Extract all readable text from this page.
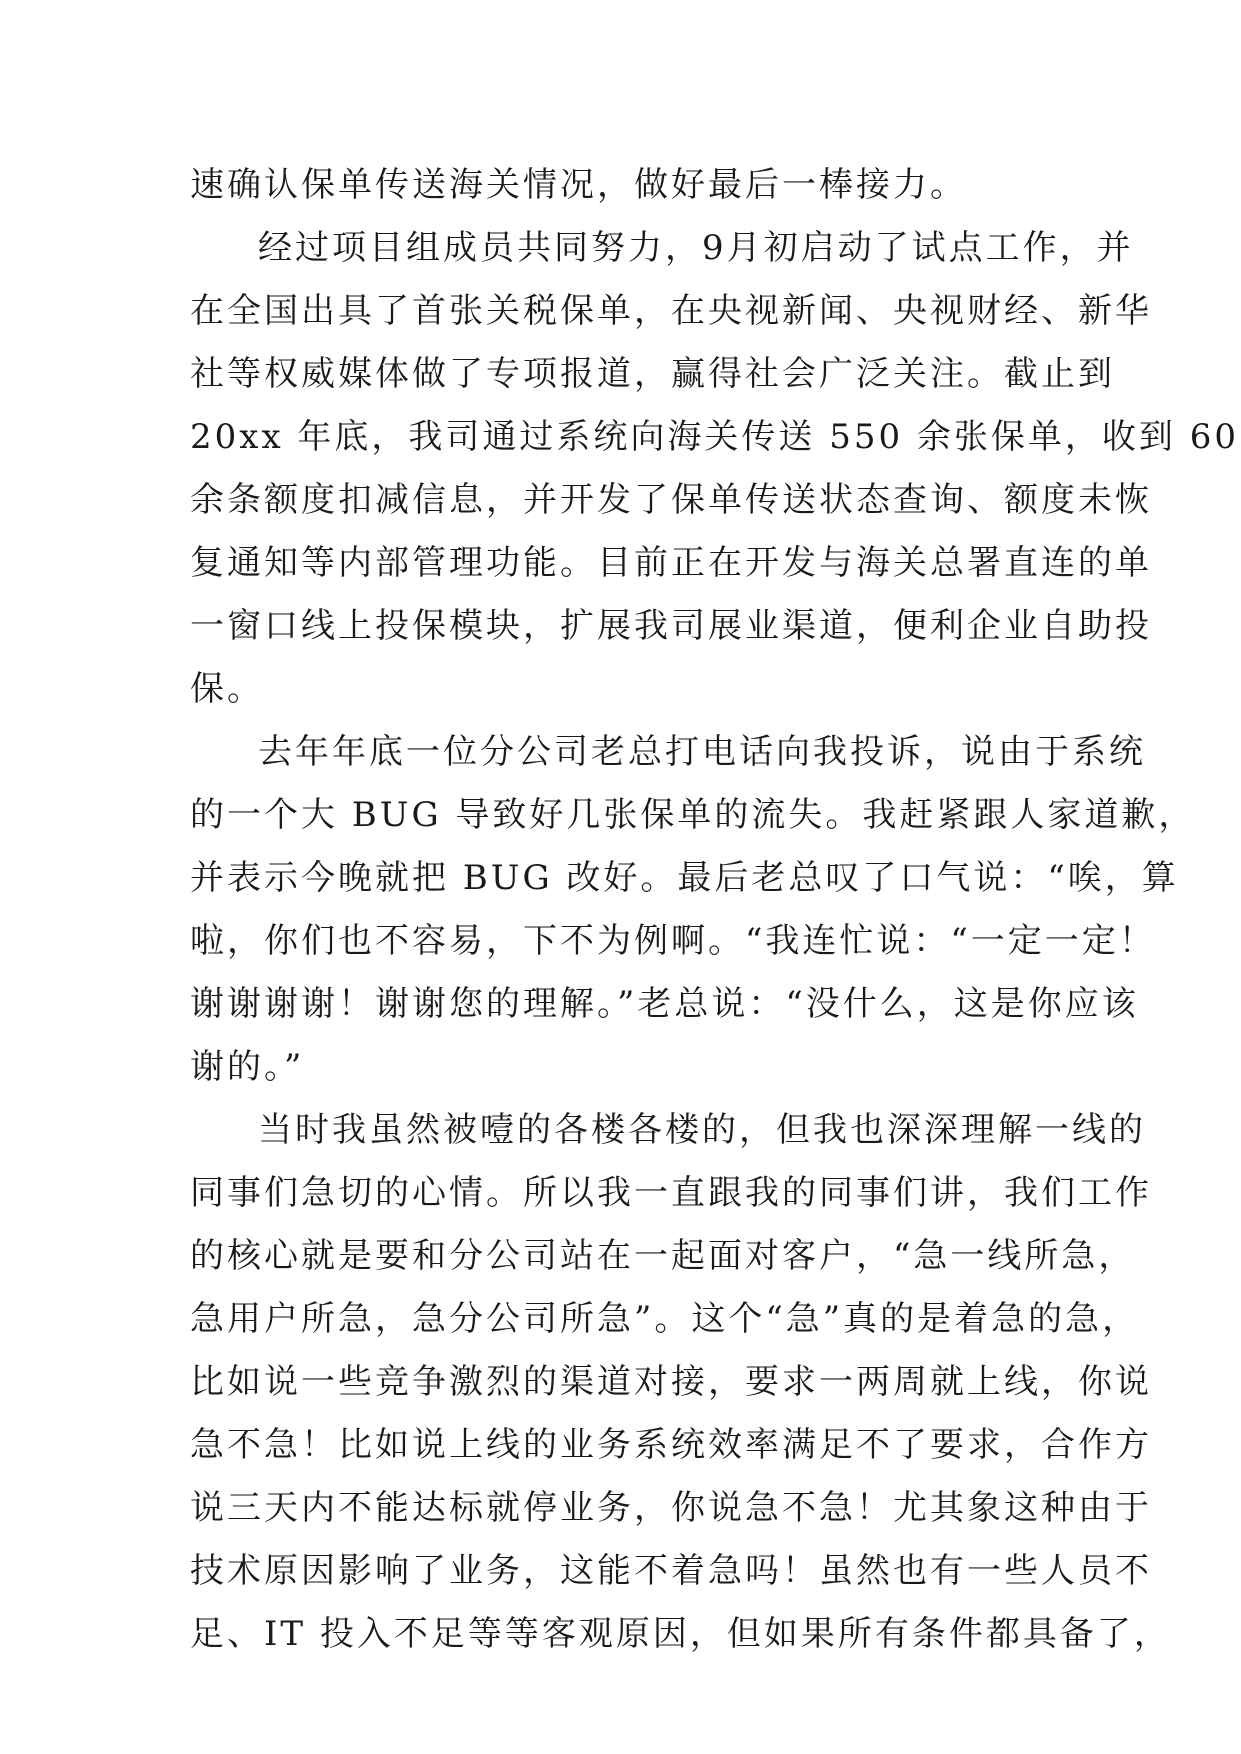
速确认保单传送海关情况，做好最后一棒接力。
经过项目组成员共同努力，9月初启动了试点工作，并
在全国出具了首张关税保单，在央视新闻、央视财经、新华
社等权威媒体做了专项报道，赢得社会广泛关注。截止到
20xx 年底，我司通过系统向海关传送 550 余张保单，收到 60
余条额度扣减信息，并开发了保单传送状态查询、额度未恢
复通知等内部管理功能。目前正在开发与海关总署直连的单
一窗口线上投保模块，扩展我司展业渠道，便利企业自助投
保。
去年年底一位分公司老总打电话向我投诉，说由于系统
的一个大 BUG 导致好几张保单的流失。我赶紧跟人家道歉，
并表示今晚就把 BUG 改好。最后老总叹了口气说：“唉，算
啦，你们也不容易，下不为例啊。“我连忙说：“一定一定！
谢谢谢谢！谢谢您的理解。”老总说：“没什么，这是你应该
谢的。”
当时我虽然被噎的各楼各楼的，但我也深深理解一线的
同事们急切的心情。所以我一直跟我的同事们讲，我们工作
的核心就是要和分公司站在一起面对客户，“急一线所急，
急用户所急，急分公司所急”。这个“急”真的是着急的急，
比如说一些竞争激烈的渠道对接，要求一两周就上线，你说
急不急！比如说上线的业务系统效率满足不了要求，合作方
说三天内不能达标就停业务，你说急不急！尤其象这种由于
技术原因影响了业务，这能不着急吗！虽然也有一些人员不
足、IT 投入不足等等客观原因，但如果所有条件都具备了，
